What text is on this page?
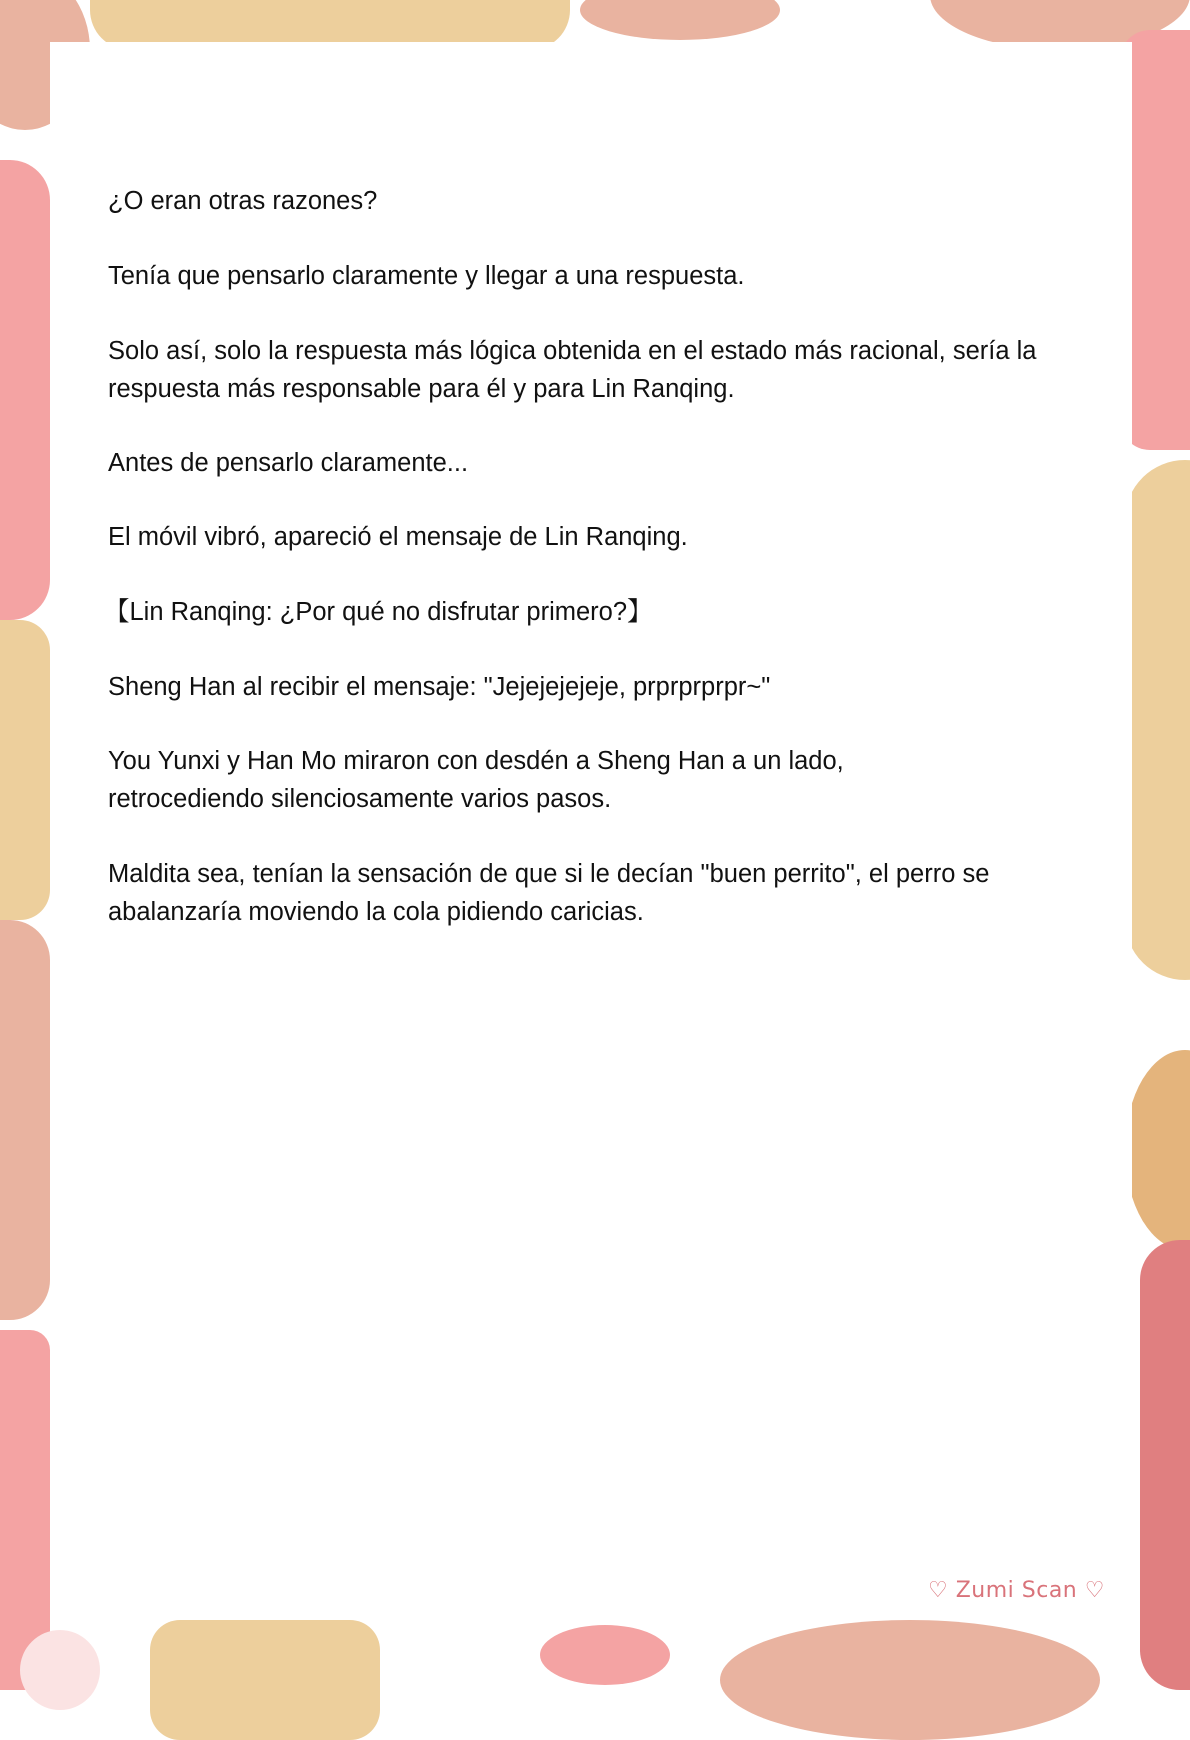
¿O eran otras razones?

Tenía que pensarlo claramente y llegar a una respuesta.

Solo así, solo la respuesta más lógica obtenida en el estado más racional, sería la respuesta más responsable para él y para Lin Ranqing.

Antes de pensarlo claramente...

El móvil vibró, apareció el mensaje de Lin Ranqing.

【Lin Ranqing: ¿Por qué no disfrutar primero?】

Sheng Han al recibir el mensaje: "Jejejejejeje, prprprprpr~"

You Yunxi y Han Mo miraron con desdén a Sheng Han a un lado, retrocediendo silenciosamente varios pasos.

Maldita sea, tenían la sensación de que si le decían "buen perrito", el perro se abalanzaría moviendo la cola pidiendo caricias.

♡ Zumi Scan ♡
